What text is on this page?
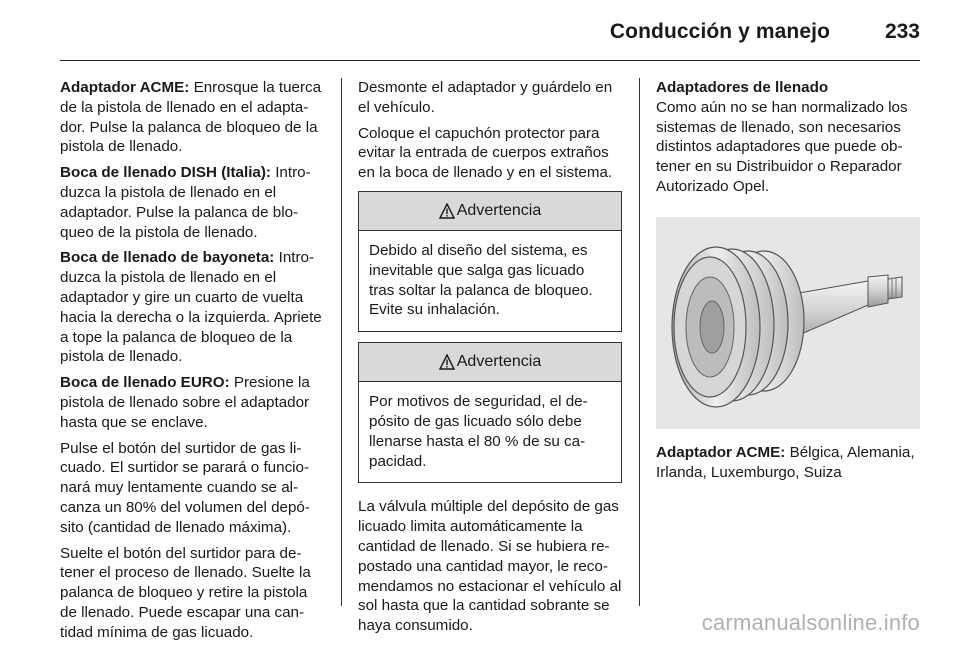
Conducción y manejo	233

Adaptador ACME: Enrosque la tuerca de la pistola de llenado en el adapta-dor. Pulse la palanca de bloqueo de la pistola de llenado.

Boca de llenado DISH (Italia): Intro-duzca la pistola de llenado en el adaptador. Pulse la palanca de blo-queo de la pistola de llenado.

Boca de llenado de bayoneta: Intro-duzca la pistola de llenado en el adaptador y gire un cuarto de vuelta hacia la derecha o la izquierda. Apriete a tope la palanca de bloqueo de la pistola de llenado.

Boca de llenado EURO: Presione la pistola de llenado sobre el adaptador hasta que se enclave.

Pulse el botón del surtidor de gas li-cuado. El surtidor se parará o funcio-nará muy lentamente cuando se al-canza un 80% del volumen del depó-sito (cantidad de llenado máxima).

Suelte el botón del surtidor para de-tener el proceso de llenado. Suelte la palanca de bloqueo y retire la pistola de llenado. Puede escapar una can-tidad mínima de gas licuado.

Desmonte el adaptador y guárdelo en el vehículo.

Coloque el capuchón protector para evitar la entrada de cuerpos extraños en la boca de llenado y en el sistema.

Advertencia
Debido al diseño del sistema, es inevitable que salga gas licuado tras soltar la palanca de bloqueo. Evite su inhalación.
Advertencia
Por motivos de seguridad, el de-pósito de gas licuado sólo debe llenarse hasta el 80 % de su ca-pacidad.

La válvula múltiple del depósito de gas licuado limita automáticamente la cantidad de llenado. Si se hubiera re-postado una cantidad mayor, le reco-mendamos no estacionar el vehículo al sol hasta que la cantidad sobrante se haya consumido.

Adaptadores de llenado

Como aún no se han normalizado los sistemas de llenado, son necesarios distintos adaptadores que puede ob-tener en su Distribuidor o Reparador Autorizado Opel.

Adaptador ACME: Bélgica, Alemania, Irlanda, Luxemburgo, Suiza

carmanualsonline.info
